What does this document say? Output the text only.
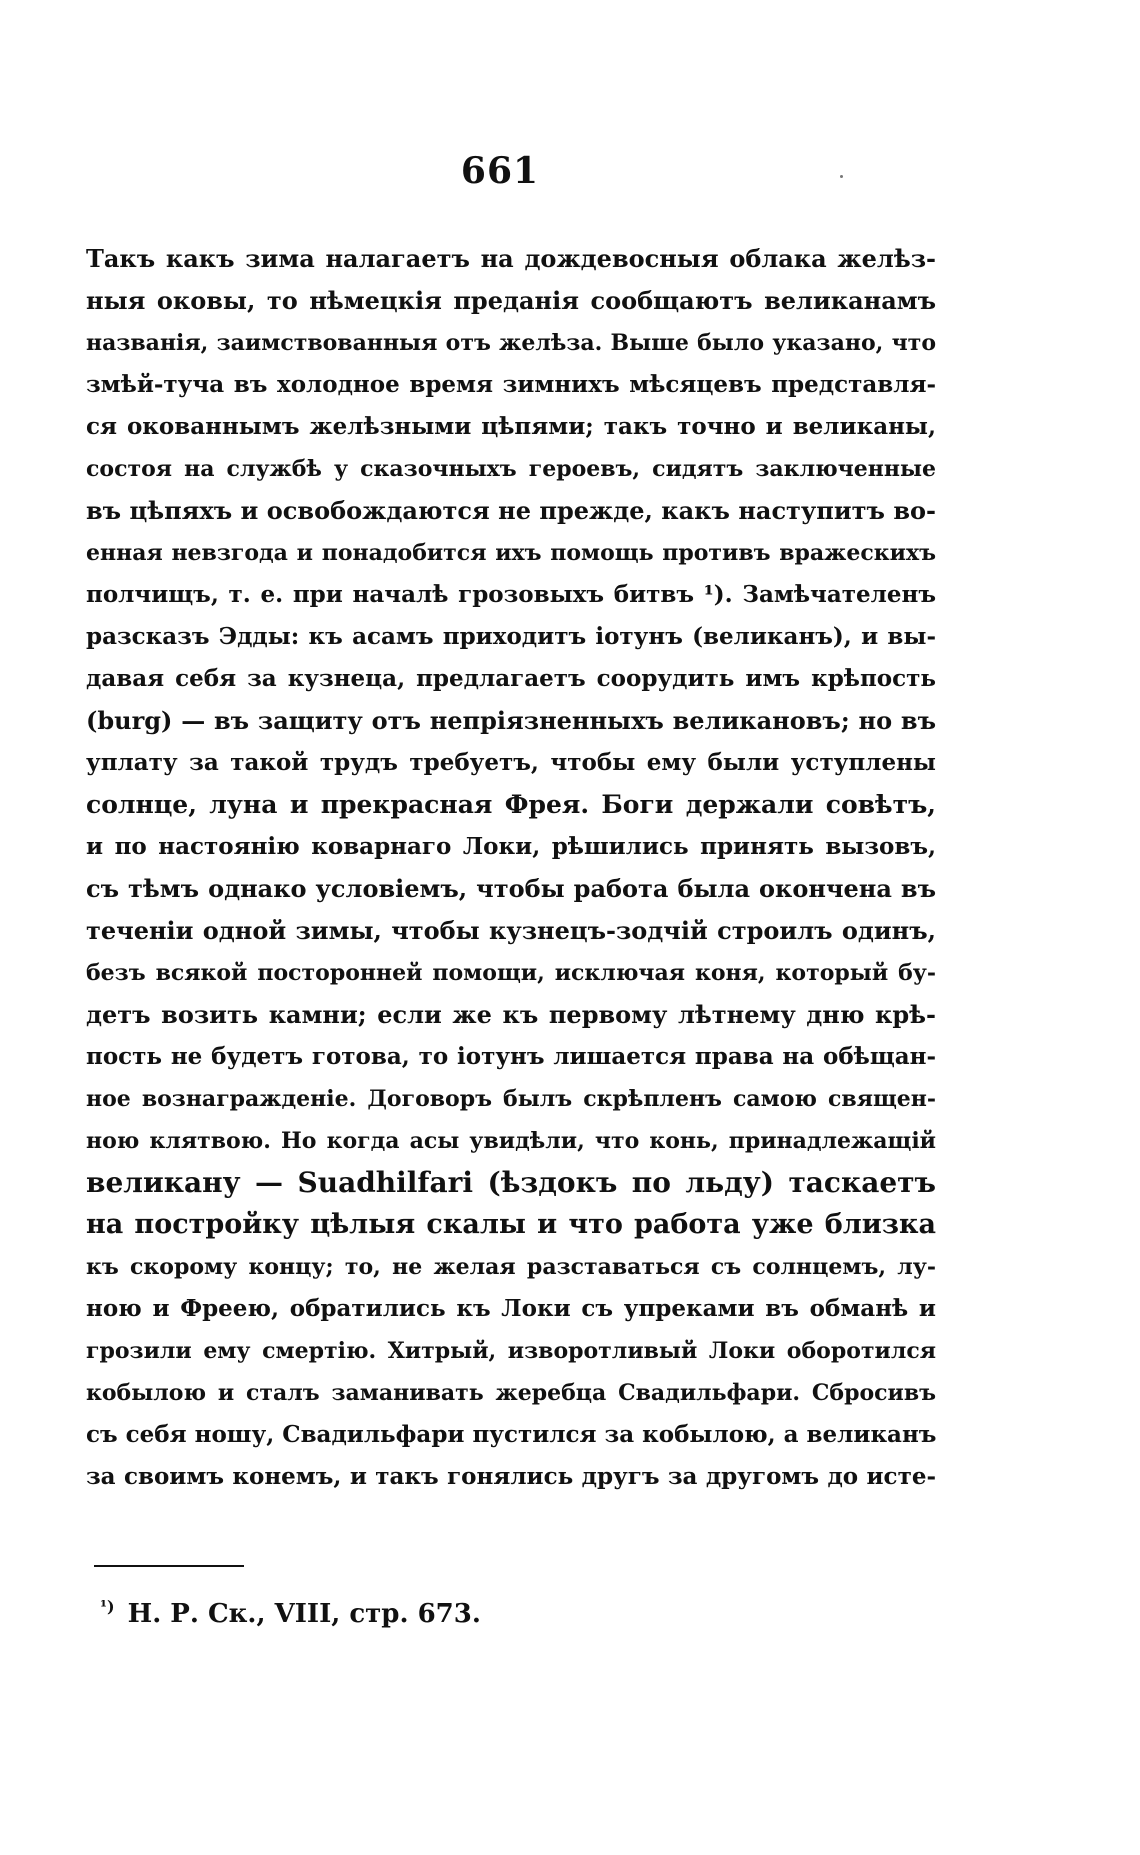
661
Такъ какъ зима налагаетъ на дождевосныя облака желѣз-
ныя оковы, то нѣмецкія преданія сообщаютъ великанамъ
названія, заимствованныя отъ желѣза. Выше было указано, что
змѣй-туча въ холодное время зимнихъ мѣсяцевъ представля-
ся окованнымъ желѣзными цѣпями; такъ точно и великаны,
состоя на службѣ у сказочныхъ героевъ, сидятъ заключенные
въ цѣпяхъ и освобождаются не прежде, какъ наступитъ во-
енная невзгода и понадобится ихъ помощь противъ вражескихъ
полчищъ, т. е. при началѣ грозовыхъ битвъ ¹). Замѣчателенъ
разсказъ Эдды: къ асамъ приходитъ іотунъ (великанъ), и вы-
давая себя за кузнеца, предлагаетъ соорудить имъ крѣпость
(burg) — въ защиту отъ непріязненныхъ великановъ; но въ
уплату за такой трудъ требуетъ, чтобы ему были уступлены
солнце, луна и прекрасная Фрея. Боги держали совѣтъ,
и по настоянію коварнаго Локи, рѣшились принять вызовъ,
съ тѣмъ однако условіемъ, чтобы работа была окончена въ
теченіи одной зимы, чтобы кузнецъ-зодчій строилъ одинъ,
безъ всякой посторонней помощи, исключая коня, который бу-
детъ возить камни; если же къ первому лѣтнему дню крѣ-
пость не будетъ готова, то іотунъ лишается права на обѣщан-
ное вознагражденіе. Договоръ былъ скрѣпленъ самою священ-
ною клятвою. Но когда асы увидѣли, что конь, принадлежащій
великану — Suadhilfari (ѣздокъ по льду) таскаетъ
на постройку цѣлыя скалы и что работа уже близка
къ скорому концу; то, не желая разставаться съ солнцемъ, лу-
ною и Фреею, обратились къ Локи съ упреками въ обманѣ и
грозили ему смертію. Хитрый, изворотливый Локи оборотился
кобылою и сталъ заманивать жеребца Свадильфари. Сбросивъ
съ себя ношу, Свадильфари пустился за кобылою, а великанъ
за своимъ конемъ, и такъ гонялись другъ за другомъ до исте-
$^{^1)}$ Н. Р. Ск., VIII, стр. 673.
